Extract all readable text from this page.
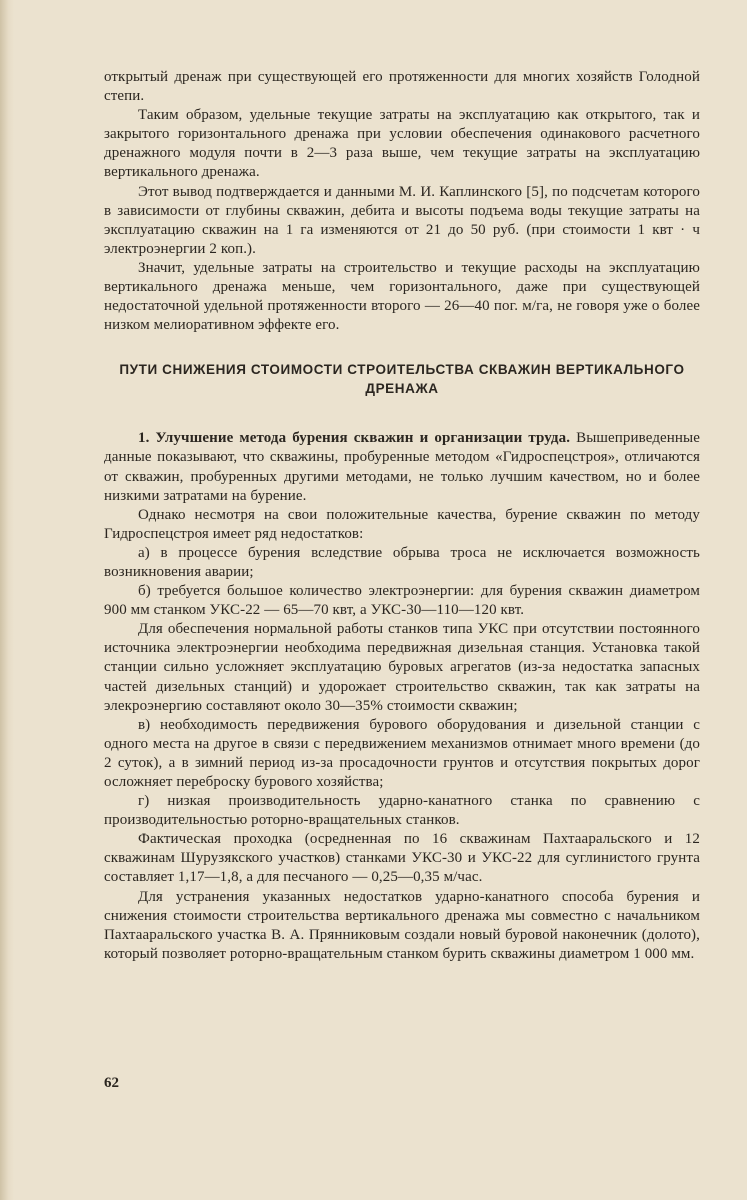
открытый дренаж при существующей его протяженности для многих хозяйств Голодной степи.

Таким образом, удельные текущие затраты на эксплуатацию как открытого, так и закрытого горизонтального дренажа при условии обеспечения одинакового расчетного дренажного модуля почти в 2—3 раза выше, чем текущие затраты на эксплуатацию вертикального дренажа.

Этот вывод подтверждается и данными М. И. Каплинского [5], по подсчетам которого в зависимости от глубины скважин, дебита и высоты подъема воды текущие затраты на эксплуатацию скважин на 1 га изменяются от 21 до 50 руб. (при стоимости 1 квт · ч электроэнергии 2 коп.).

Значит, удельные затраты на строительство и текущие расходы на эксплуатацию вертикального дренажа меньше, чем горизонтального, даже при существующей недостаточной удельной протяженности второго — 26—40 пог. м/га, не говоря уже о более низком мелиоративном эффекте его.

ПУТИ СНИЖЕНИЯ СТОИМОСТИ СТРОИТЕЛЬСТВА СКВАЖИН ВЕРТИКАЛЬНОГО ДРЕНАЖА

1. Улучшение метода бурения скважин и организации труда. Вышеприведенные данные показывают, что скважины, пробуренные методом «Гидроспецстроя», отличаются от скважин, пробуренных другими методами, не только лучшим качеством, но и более низкими затратами на бурение.

Однако несмотря на свои положительные качества, бурение скважин по методу Гидроспецстроя имеет ряд недостатков:

а) в процессе бурения вследствие обрыва троса не исключается возможность возникновения аварии;

б) требуется большое количество электроэнергии: для бурения скважин диаметром 900 мм станком УКС-22 — 65—70 квт, а УКС-30—110—120 квт.

Для обеспечения нормальной работы станков типа УКС при отсутствии постоянного источника электроэнергии необходима передвижная дизельная станция. Установка такой станции сильно усложняет эксплуатацию буровых агрегатов (из-за недостатка запасных частей дизельных станций) и удорожает строительство скважин, так как затраты на элекроэнергию составляют около 30—35% стоимости скважин;

в) необходимость передвижения бурового оборудования и дизельной станции с одного места на другое в связи с передвижением механизмов отнимает много времени (до 2 суток), а в зимний период из-за просадочности грунтов и отсутствия покрытых дорог осложняет переброску бурового хозяйства;

г) низкая производительность ударно-канатного станка по сравнению с производительностью роторно-вращательных станков.

Фактическая проходка (осредненная по 16 скважинам Пахтааральского и 12 скважинам Шурузякского участков) станками УКС-30 и УКС-22 для суглинистого грунта составляет 1,17—1,8, а для песчаного — 0,25—0,35 м/час.

Для устранения указанных недостатков ударно-канатного способа бурения и снижения стоимости строительства вертикального дренажа мы совместно с начальником Пахтааральского участка В. А. Прянниковым создали новый буровой наконечник (долото), который позволяет роторно-вращательным станком бурить скважины диаметром 1 000 мм.

62
